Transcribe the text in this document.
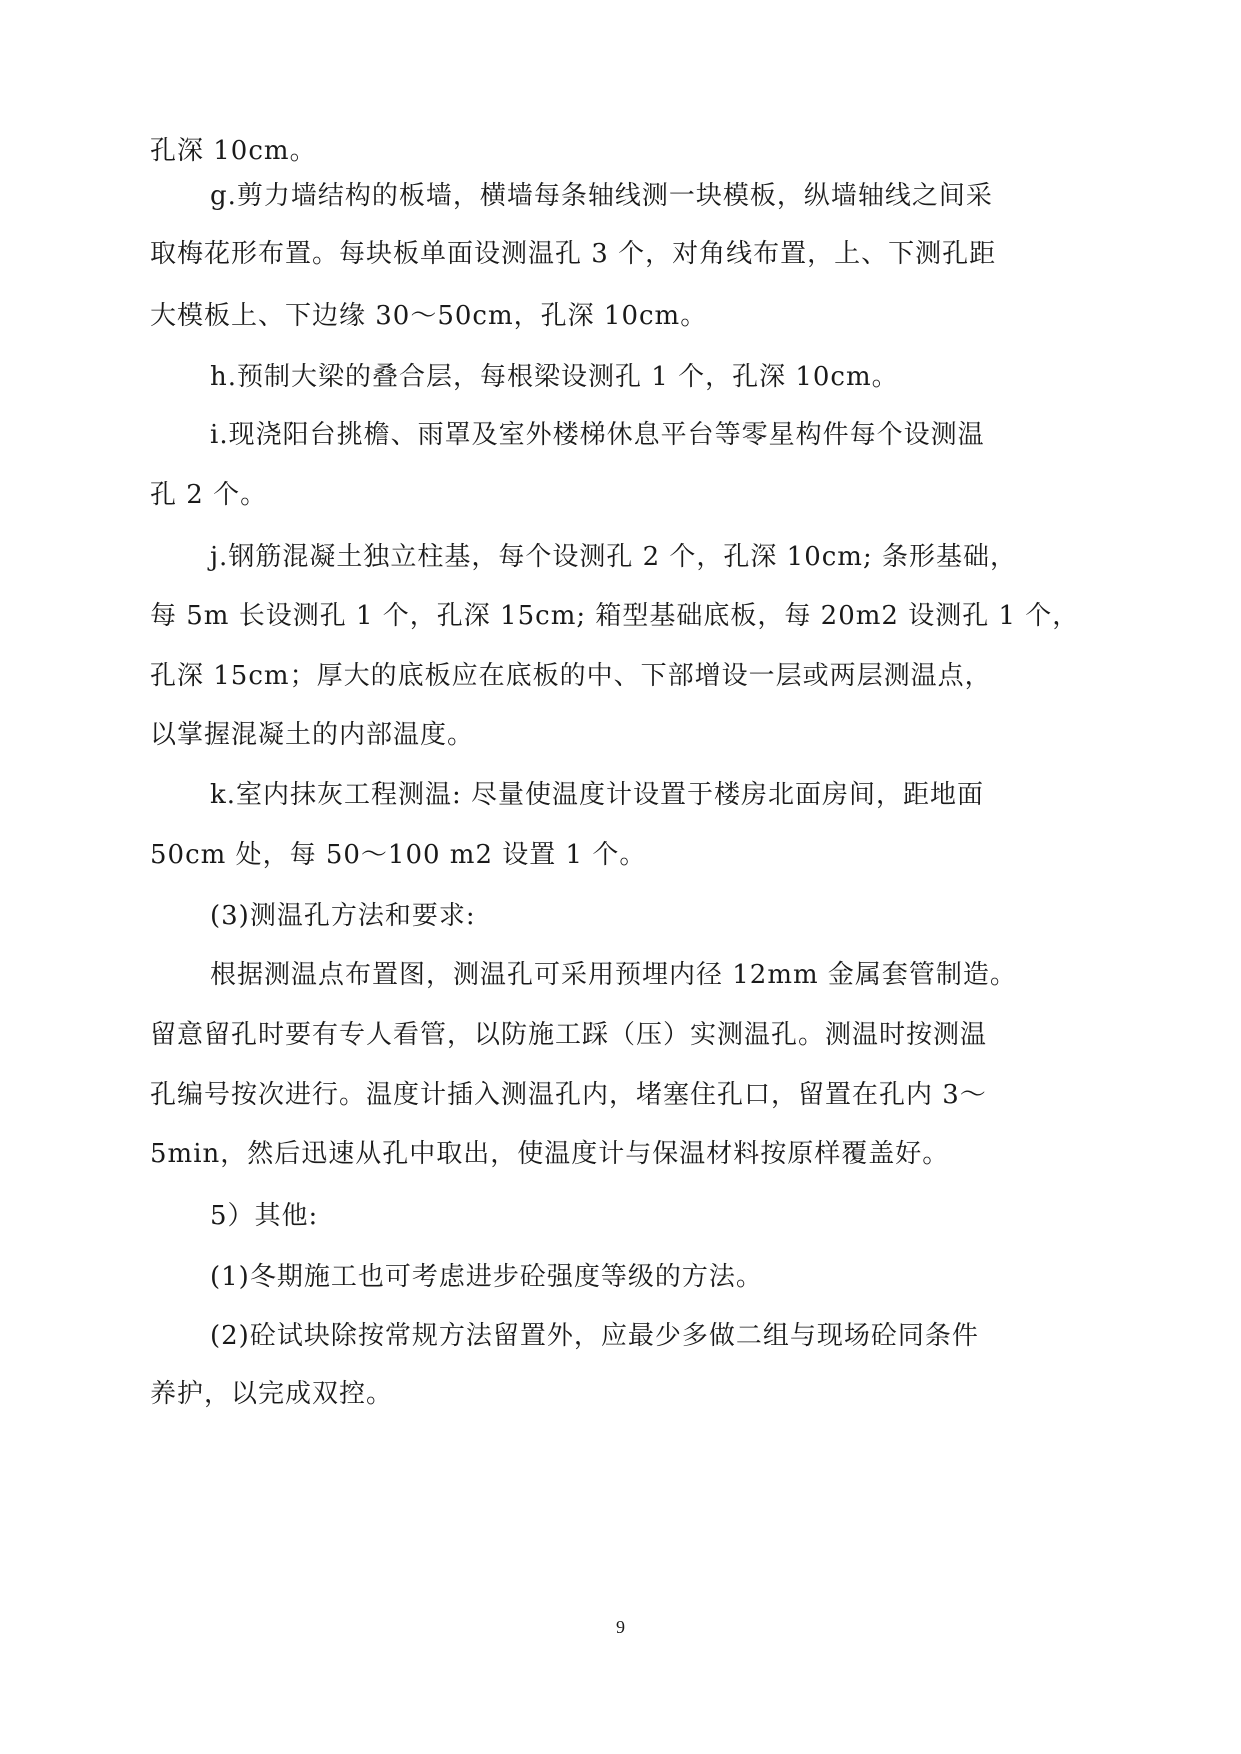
孔深 10cm。

g.剪力墙结构的板墙，横墙每条轴线测一块模板，纵墙轴线之间采

取梅花形布置。每块板单面设测温孔 3 个，对角线布置，上、下测孔距

大模板上、下边缘 30～50cm，孔深 10cm。

h.预制大梁的叠合层，每根梁设测孔 1 个，孔深 10cm。

i.现浇阳台挑檐、雨罩及室外楼梯休息平台等零星构件每个设测温

孔 2 个。

j.钢筋混凝土独立柱基，每个设测孔 2 个，孔深 10cm; 条形基础，

每 5m 长设测孔 1 个，孔深 15cm; 箱型基础底板，每 20m2 设测孔 1 个，

孔深 15cm；厚大的底板应在底板的中、下部增设一层或两层测温点，

以掌握混凝土的内部温度。

k.室内抹灰工程测温: 尽量使温度计设置于楼房北面房间，距地面

50cm 处，每 50～100 m2 设置 1 个。

(3)测温孔方法和要求:

根据测温点布置图，测温孔可采用预埋内径 12mm 金属套管制造。

留意留孔时要有专人看管，以防施工踩（压）实测温孔。测温时按测温

孔编号按次进行。温度计插入测温孔内，堵塞住孔口，留置在孔内 3～

5min，然后迅速从孔中取出，使温度计与保温材料按原样覆盖好。

5）其他:

(1)冬期施工也可考虑进步砼强度等级的方法。

(2)砼试块除按常规方法留置外，应最少多做二组与现场砼同条件

养护，以完成双控。

9
